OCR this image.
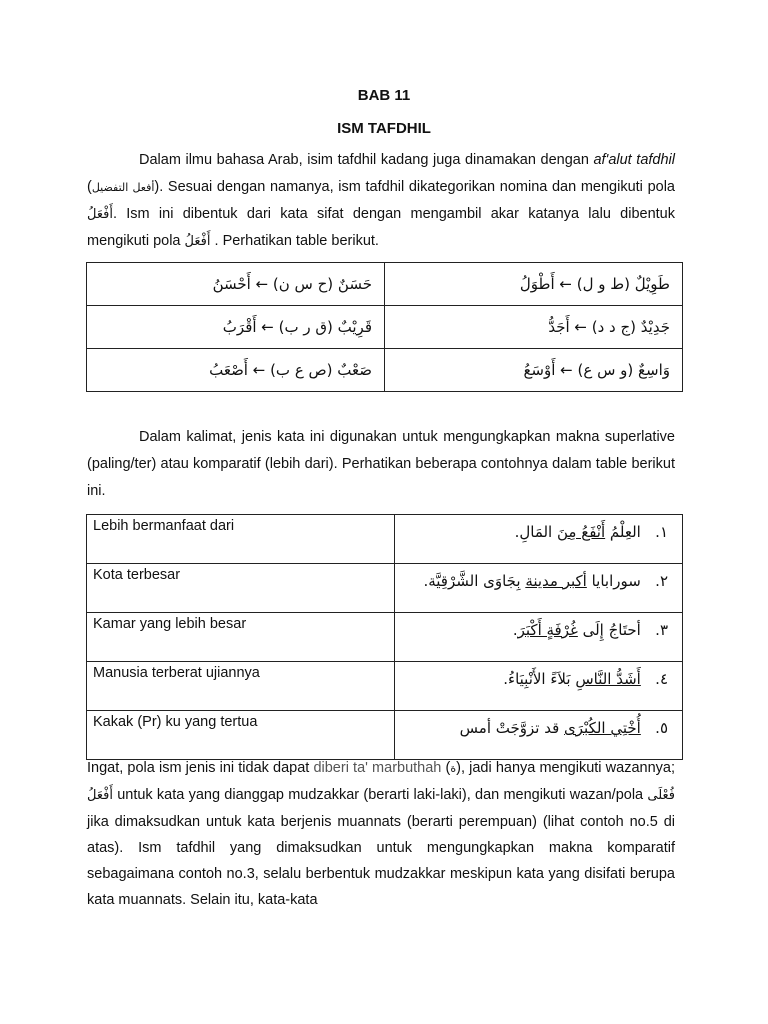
BAB 11
ISM TAFDHIL
Dalam ilmu bahasa Arab, isim tafdhil kadang juga dinamakan dengan af'alut tafdhil (أفعل التفضيل). Sesuai dengan namanya, ism tafdhil dikategorikan nomina dan mengikuti pola أَفْعَلُ. Ism ini dibentuk dari kata sifat dengan mengambil akar katanya lalu dibentuk mengikuti pola أَفْعَلُ . Perhatikan table berikut.
حَسَنٌ (ح س ن) ← أَحْسَنُ	طَوِيْلٌ (ط و ل) ← أَطْوَلُ
قَرِيْبٌ (ق ر ب) ← أَقْرَبُ	جَدِيْدٌ (ج د د) ← أَجَدُّ
صَعْبٌ (ص ع ب) ← أَصْعَبُ	وَاسِعٌ (و س ع) ← أَوْسَعُ
Dalam kalimat, jenis kata ini digunakan untuk mengungkapkan makna superlative (paling/ter) atau komparatif (lebih dari). Perhatikan beberapa contohnya dalam table berikut ini.
Lebih bermanfaat dari	١.   العِلْمُ أَنْفَعُ مِنَ المَالِ.
Kota terbesar	٢.   سورابايا أكبر مدينة بِجَاوَى الشَّرْقِيَّة.
Kamar yang lebih besar	٣.   أحتَاجُ إِلَى غُرْفَةٍ أَكْبَرَ.
Manusia terberat ujiannya	٤.   أَشَدُّ النَّاسِ بَلاَءً الأَنْبِيَاءُ.
Kakak (Pr) ku yang tertua	٥.   أُخْتِي الكُبْرَى قد تزوَّجَتْ أمس
Ingat, pola ism jenis ini tidak dapat diberi ta' marbuthah (ة), jadi hanya mengikuti wazannya; أَفْعَلُ untuk kata yang dianggap mudzakkar (berarti laki-laki), dan mengikuti wazan/pola فُعْلَى jika dimaksudkan untuk kata berjenis muannats (berarti perempuan) (lihat contoh no.5 di atas). Ism tafdhil yang dimaksudkan untuk mengungkapkan makna komparatif sebagaimana contoh no.3, selalu berbentuk mudzakkar meskipun kata yang disifati berupa kata muannats. Selain itu, kata-kata
